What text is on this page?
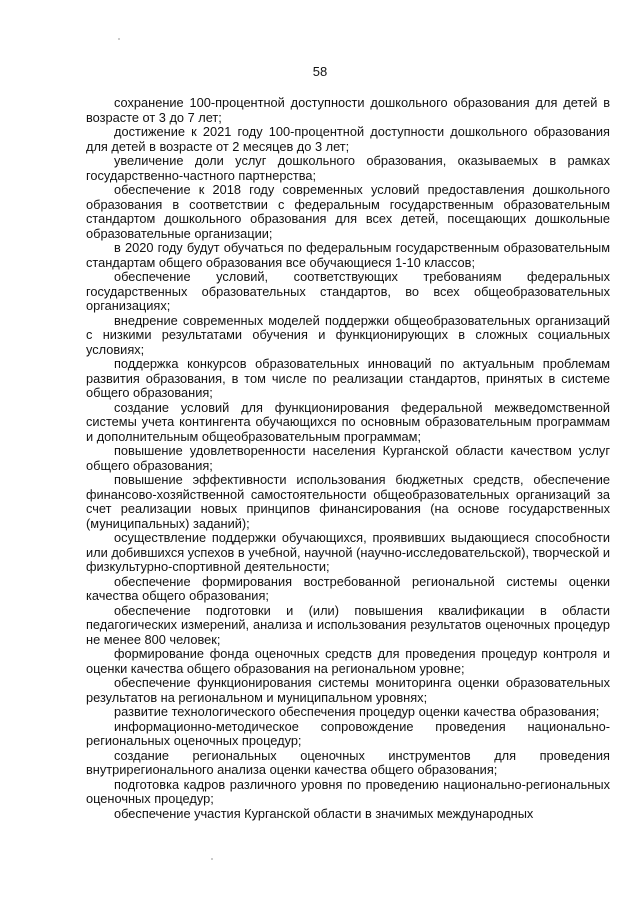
58

сохранение 100-процентной доступности дошкольного образования для детей в возрасте от 3 до 7 лет;

достижение к 2021 году 100-процентной доступности дошкольного образования для детей в возрасте от 2 месяцев до 3 лет;

увеличение доли услуг дошкольного образования, оказываемых в рамках государственно-частного партнерства;

обеспечение к 2018 году современных условий предоставления дошкольного образования в соответствии с федеральным государственным образовательным стандартом дошкольного образования для всех детей, посещающих дошкольные образовательные организации;

в 2020 году будут обучаться по федеральным государственным образовательным стандартам общего образования все обучающиеся 1-10 классов;

обеспечение условий, соответствующих требованиям федеральных государственных образовательных стандартов, во всех общеобразовательных организациях;

внедрение современных моделей поддержки общеобразовательных организаций с низкими результатами обучения и функционирующих в сложных социальных условиях;

поддержка конкурсов образовательных инноваций по актуальным проблемам развития образования, в том числе по реализации стандартов, принятых в системе общего образования;

создание условий для функционирования федеральной межведомственной системы учета контингента обучающихся по основным образовательным программам и дополнительным общеобразовательным программам;

повышение удовлетворенности населения Курганской области качеством услуг общего образования;

повышение эффективности использования бюджетных средств, обеспечение финансово-хозяйственной самостоятельности общеобразовательных организаций за счет реализации новых принципов финансирования (на основе государственных (муниципальных) заданий);

осуществление поддержки обучающихся, проявивших выдающиеся способности или добившихся успехов в учебной, научной (научно-исследовательской), творческой и физкультурно-спортивной деятельности;

обеспечение формирования востребованной региональной системы оценки качества общего образования;

обеспечение подготовки и (или) повышения квалификации в области педагогических измерений, анализа и использования результатов оценочных процедур не менее 800 человек;

формирование фонда оценочных средств для проведения процедур контроля и оценки качества общего образования на региональном уровне;

обеспечение функционирования системы мониторинга оценки образовательных результатов на региональном и муниципальном уровнях;

развитие технологического обеспечения процедур оценки качества образования;

информационно-методическое сопровождение проведения национально-региональных оценочных процедур;

создание региональных оценочных инструментов для проведения внутрирегионального анализа оценки качества общего образования;

подготовка кадров различного уровня по проведению национально-региональных оценочных процедур;

обеспечение участия Курганской области в значимых международных
